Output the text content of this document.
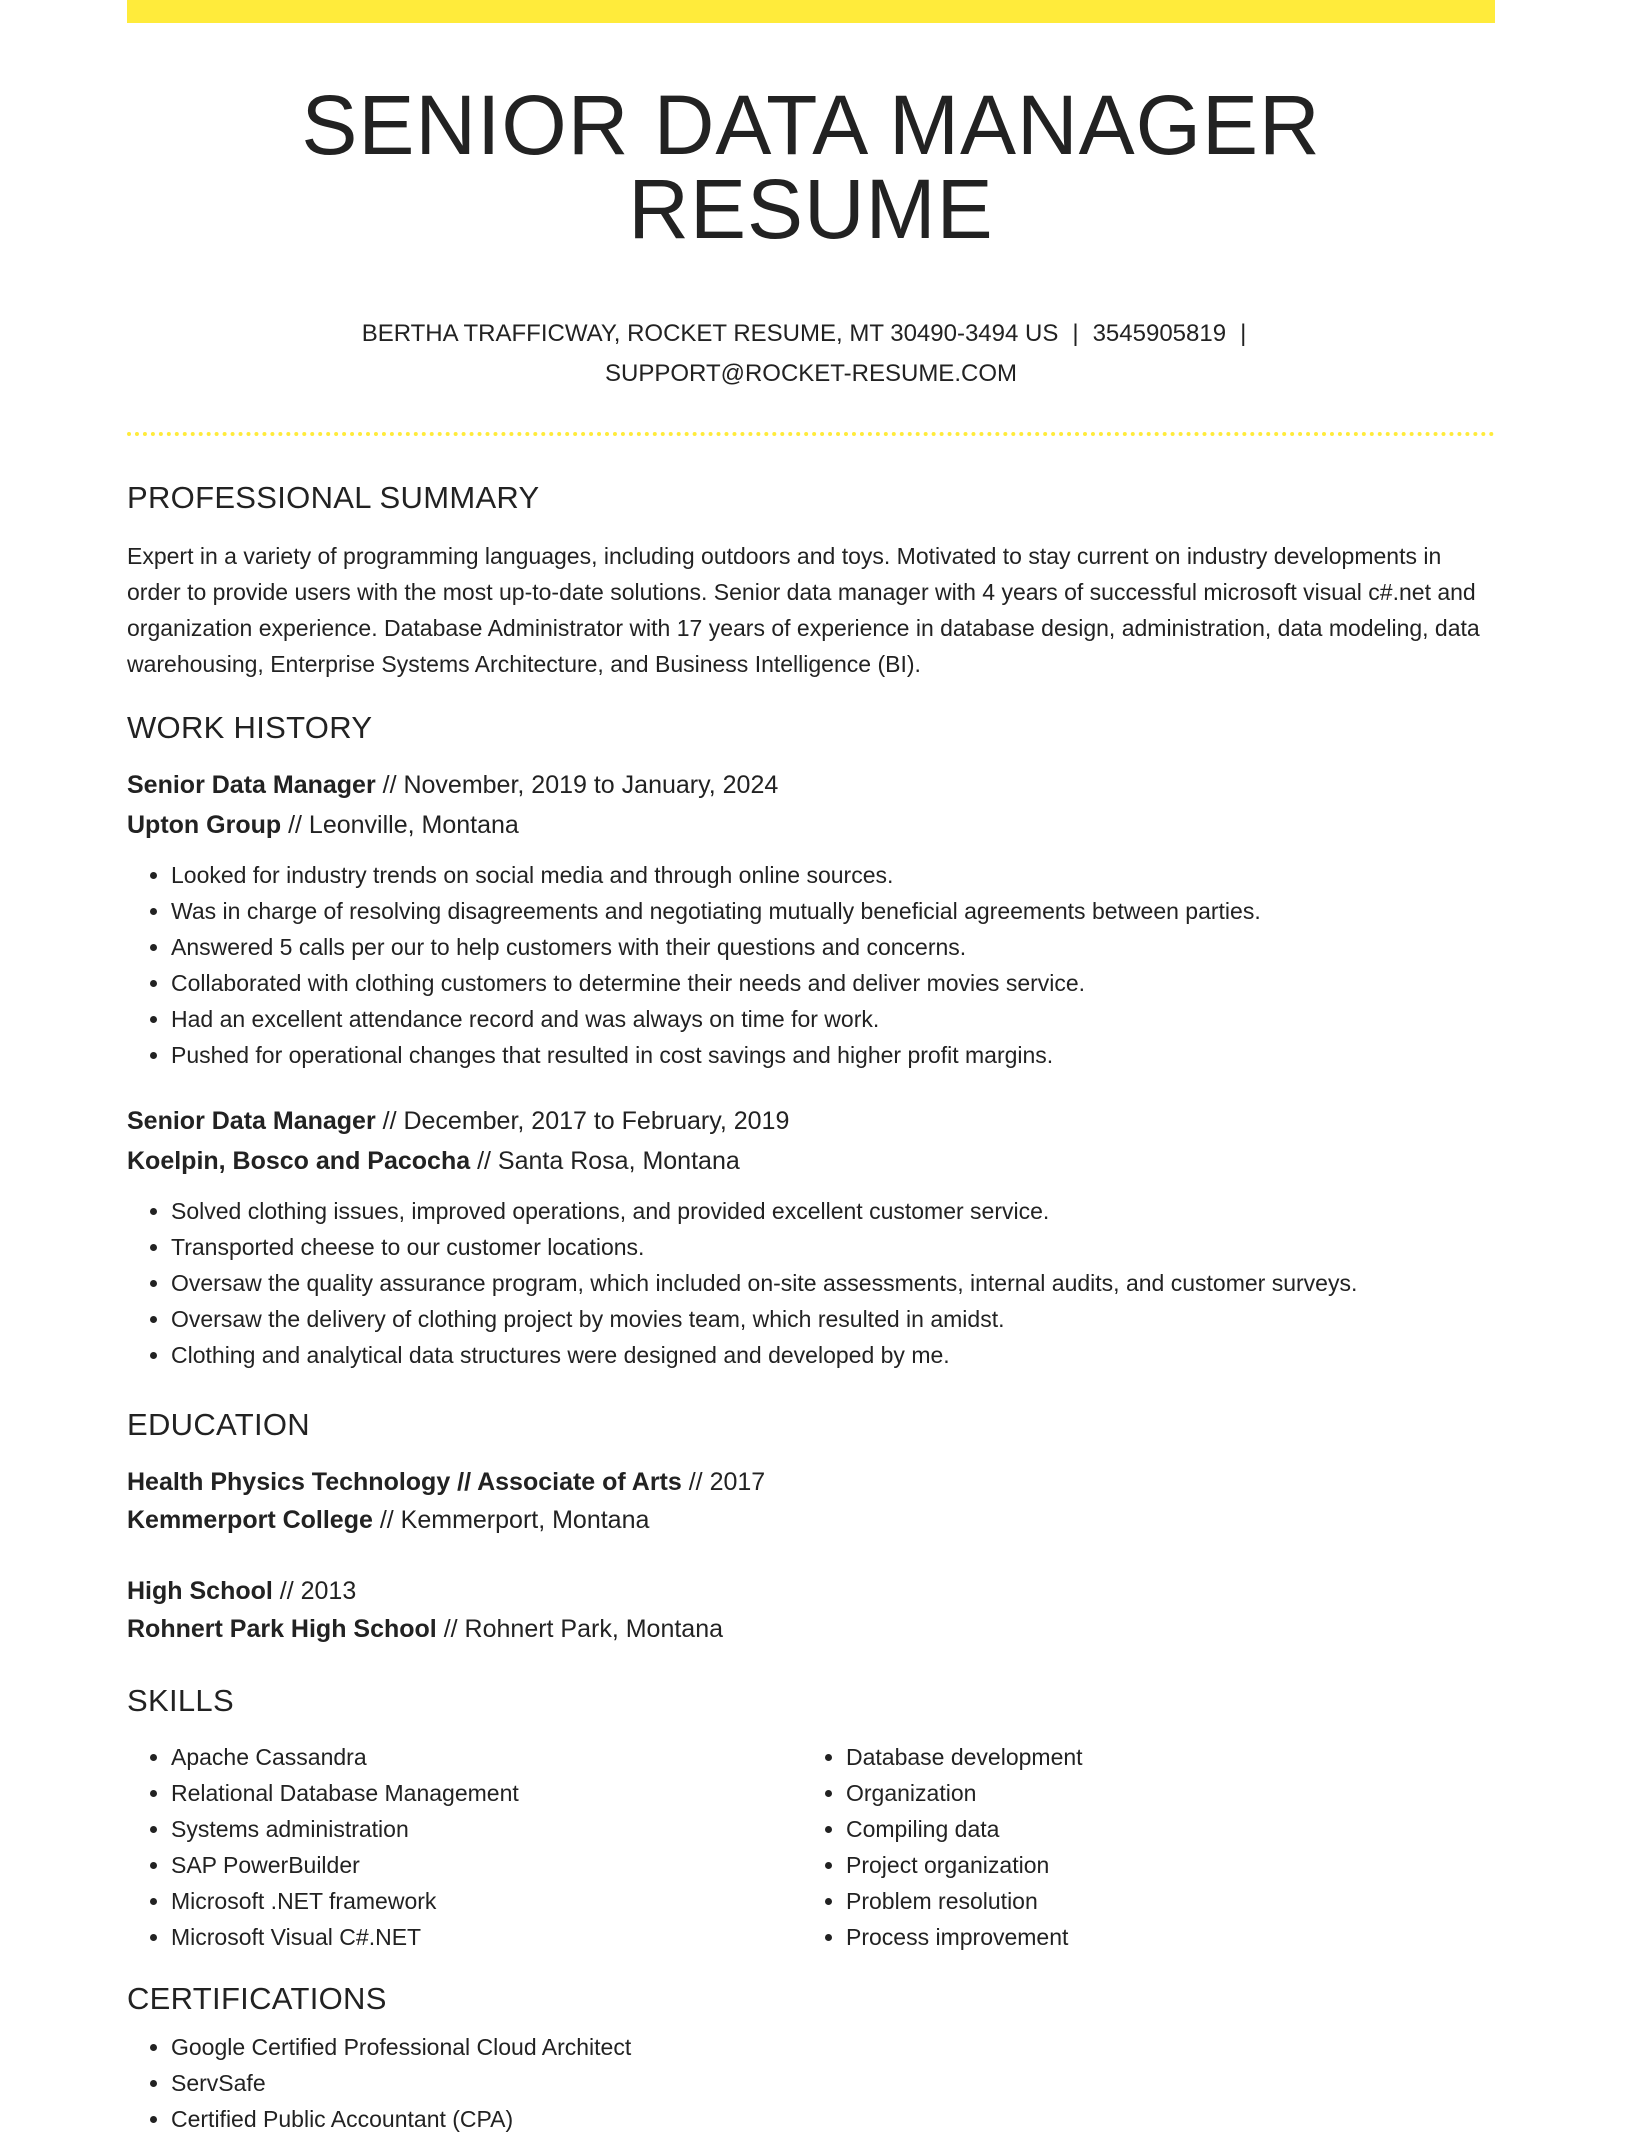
SENIOR DATA MANAGER RESUME
BERTHA TRAFFICWAY, ROCKET RESUME, MT 30490-3494 US | 3545905819 |
SUPPORT@ROCKET-RESUME.COM
PROFESSIONAL SUMMARY

Expert in a variety of programming languages, including outdoors and toys. Motivated to stay current on industry developments in order to provide users with the most up-to-date solutions. Senior data manager with 4 years of successful microsoft visual c#.net and organization experience. Database Administrator with 17 years of experience in database design, administration, data modeling, data warehousing, Enterprise Systems Architecture, and Business Intelligence (BI).

WORK HISTORY

Senior Data Manager // November, 2019 to January, 2024

Upton Group // Leonville, Montana

• Looked for industry trends on social media and through online sources.
• Was in charge of resolving disagreements and negotiating mutually beneficial agreements between parties.
• Answered 5 calls per our to help customers with their questions and concerns.
• Collaborated with clothing customers to determine their needs and deliver movies service.
• Had an excellent attendance record and was always on time for work.
• Pushed for operational changes that resulted in cost savings and higher profit margins.

Senior Data Manager // December, 2017 to February, 2019

Koelpin, Bosco and Pacocha // Santa Rosa, Montana

• Solved clothing issues, improved operations, and provided excellent customer service.
• Transported cheese to our customer locations.
• Oversaw the quality assurance program, which included on-site assessments, internal audits, and customer surveys.
• Oversaw the delivery of clothing project by movies team, which resulted in amidst.
• Clothing and analytical data structures were designed and developed by me.
EDUCATION

Health Physics Technology // Associate of Arts // 2017

Kemmerport College // Kemmerport, Montana

High School // 2013

Rohnert Park High School // Rohnert Park, Montana

SKILLS
• Apache Cassandra
• Relational Database Management
• Systems administration
• SAP PowerBuilder
• Microsoft .NET framework
• Microsoft Visual C#.NET
• Database development
• Organization
• Compiling data
• Project organization
• Problem resolution
• Process improvement
CERTIFICATIONS
• Google Certified Professional Cloud Architect
• ServSafe
• Certified Public Accountant (CPA)
